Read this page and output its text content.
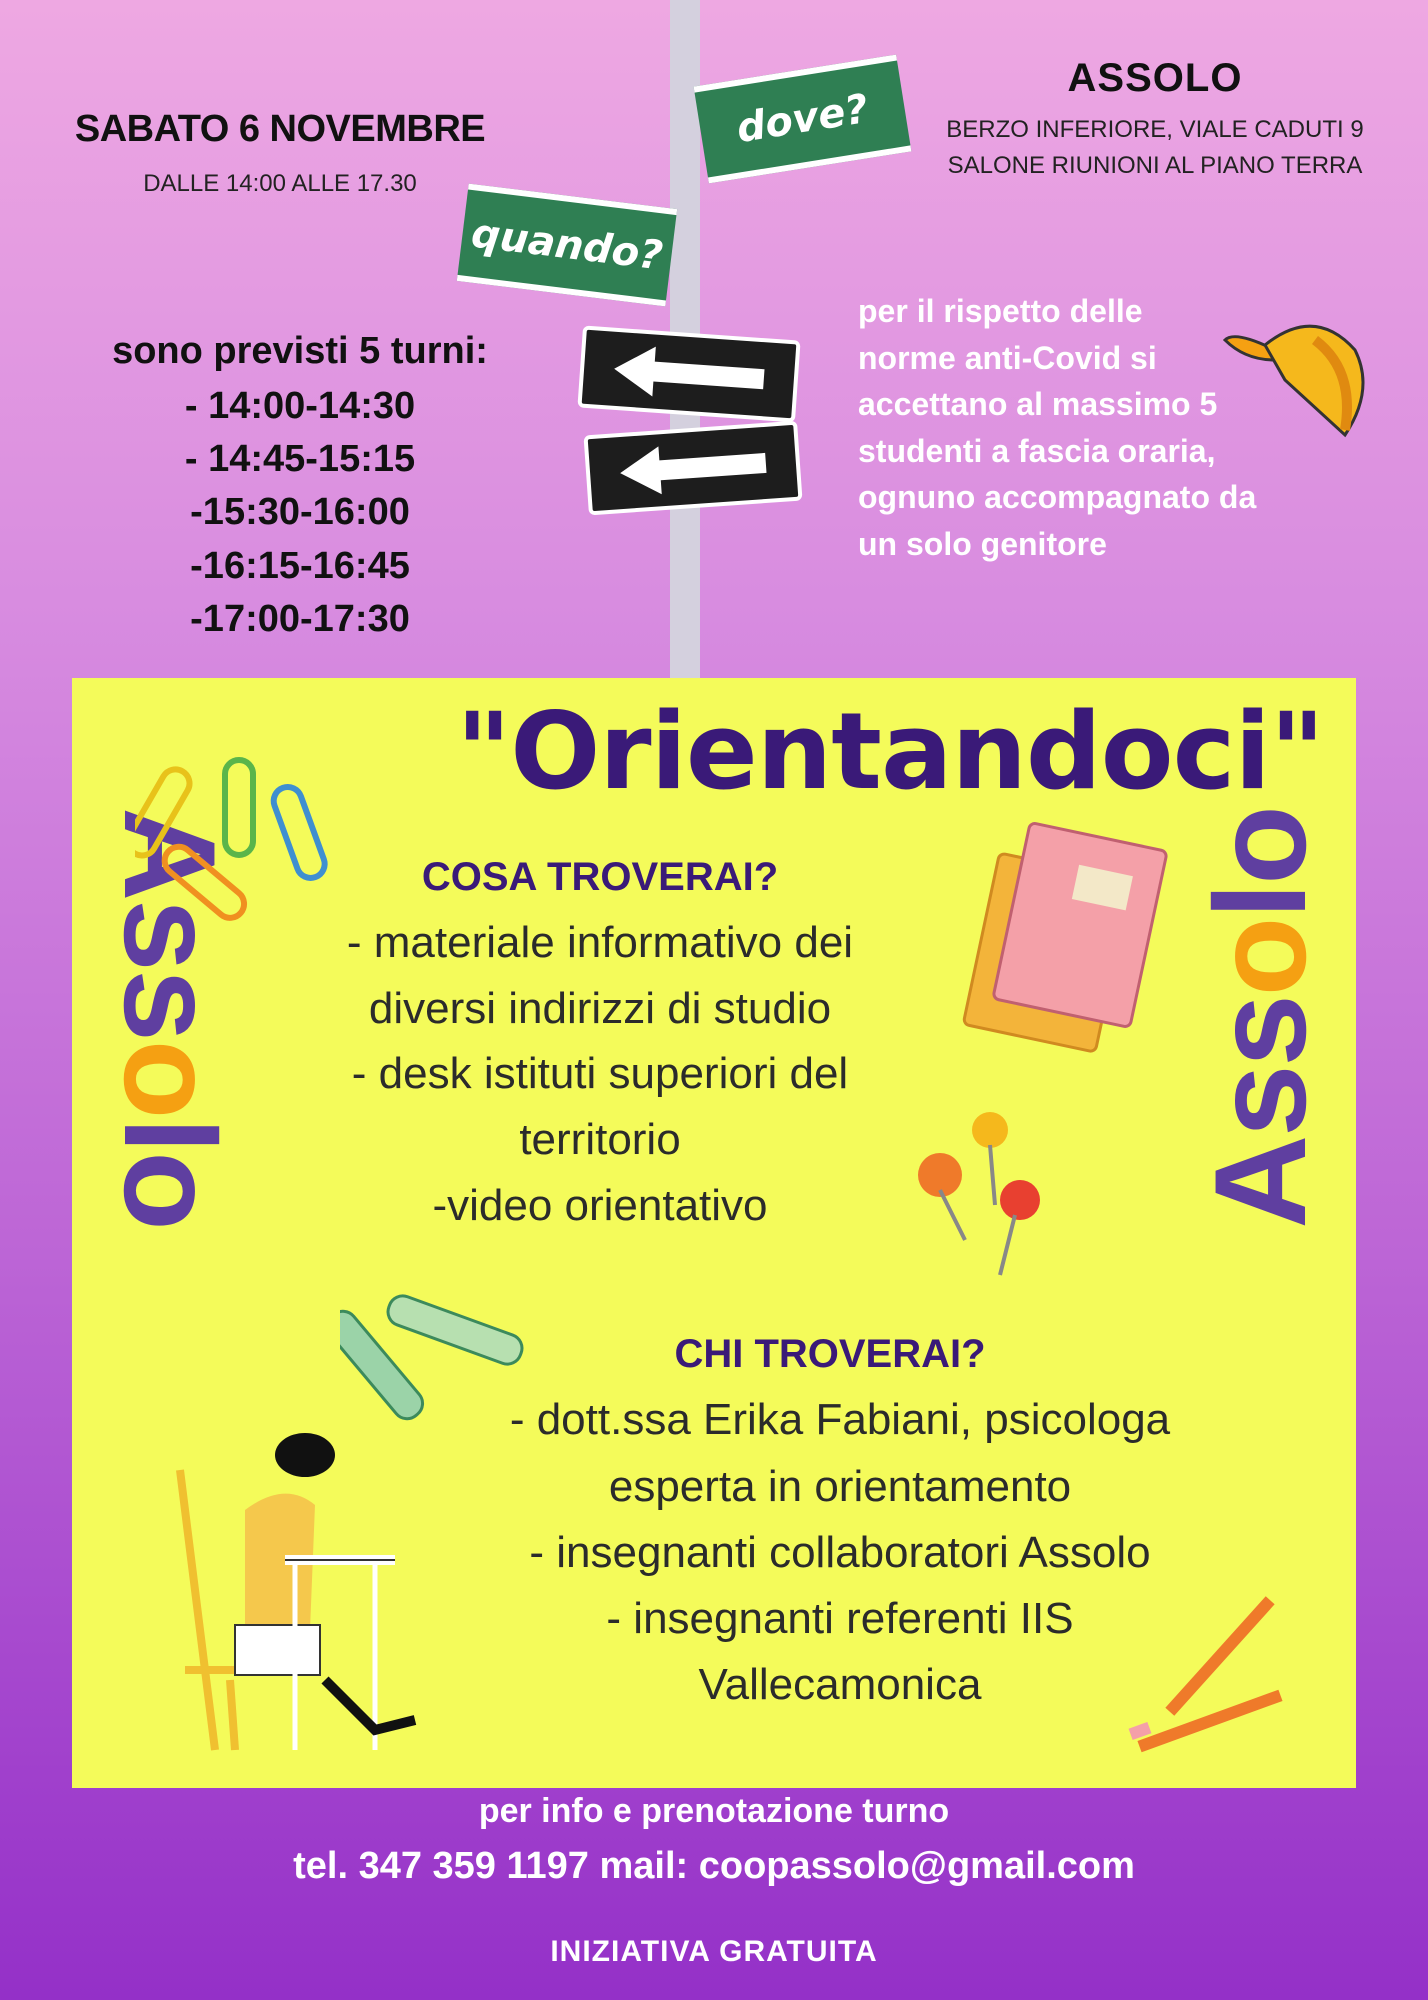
dove?
quando?
SABATO 6 NOVEMBRE
DALLE 14:00 ALLE 17.30
sono previsti 5 turni:
- 14:00-14:30
- 14:45-15:15
-15:30-16:00
-16:15-16:45
-17:00-17:30
ASSOLO
BERZO INFERIORE, VIALE CADUTI 9
SALONE RIUNIONI AL PIANO TERRA
per il rispetto delle
norme anti-Covid si
accettano al massimo 5
studenti a fascia oraria,
ognuno accompagnato da
un solo genitore
"Orientandoci"
COSA TROVERAI?
- materiale informativo dei
diversi indirizzi di studio
- desk istituti superiori del
territorio
-video orientativo
CHI TROVERAI?
- dott.ssa Erika Fabiani, psicologa
esperta in orientamento
- insegnanti collaboratori Assolo
- insegnanti referenti IIS
Vallecamonica
Assolo	Assolo
per info e prenotazione turno
tel. 347 359 1197 mail: coopassolo@gmail.com
INIZIATIVA GRATUITA
